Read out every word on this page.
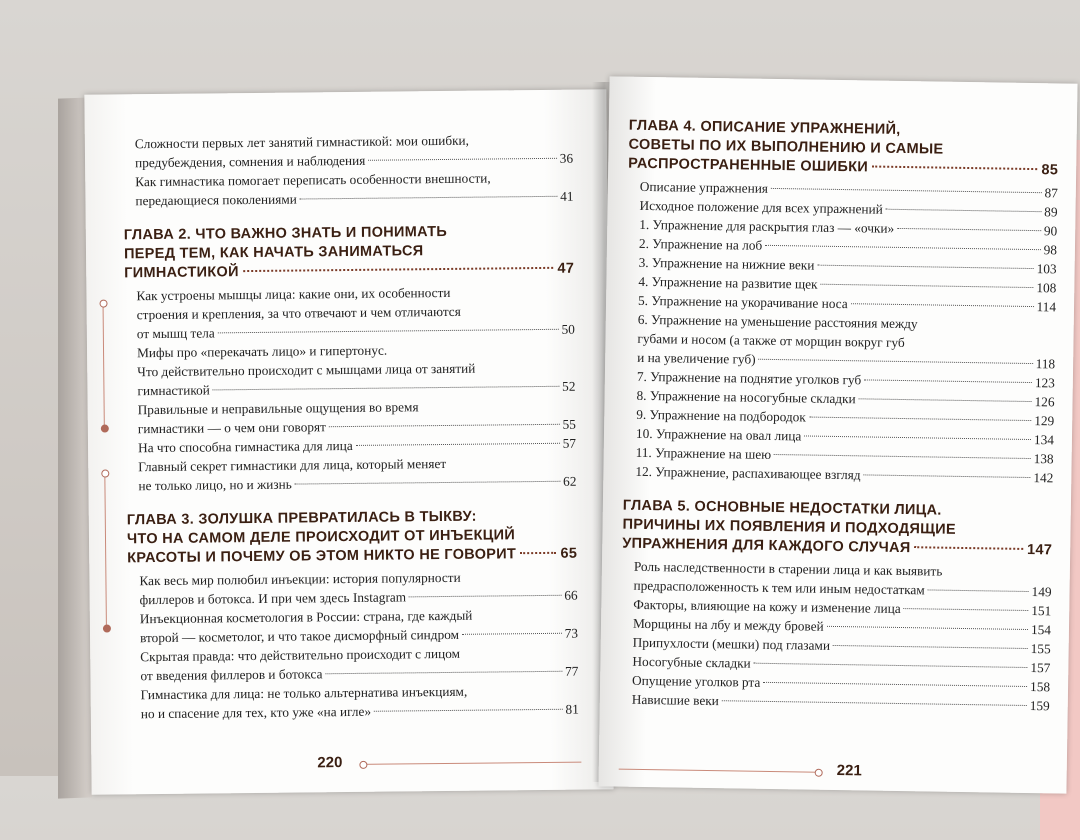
Сложности первых лет занятий гимнастикой: мои ошибки,
предубеждения, сомнения и наблюдения	36
Как гимнастика помогает переписать особенности внешности,
передающиеся поколениями	41
ГЛАВА 2. ЧТО ВАЖНО ЗНАТЬ И ПОНИМАТЬ
ПЕРЕД ТЕМ, КАК НАЧАТЬ ЗАНИМАТЬСЯ
ГИМНАСТИКОЙ	47
Как устроены мышцы лица: какие они, их особенности
строения и крепления, за что отвечают и чем отличаются
от мышц тела	50
Мифы про «перекачать лицо» и гипертонус.
Что действительно происходит с мышцами лица от занятий
гимнастикой	52
Правильные и неправильные ощущения во время
гимнастики — о чем они говорят	55
На что способна гимнастика для лица	57
Главный секрет гимнастики для лица, который меняет
не только лицо, но и жизнь	62
ГЛАВА 3. ЗОЛУШКА ПРЕВРАТИЛАСЬ В ТЫКВУ:
ЧТО НА САМОМ ДЕЛЕ ПРОИСХОДИТ ОТ ИНЪЕКЦИЙ
КРАСОТЫ И ПОЧЕМУ ОБ ЭТОМ НИКТО НЕ ГОВОРИТ	65
Как весь мир полюбил инъекции: история популярности
филлеров и ботокса. И при чем здесь Instagram	66
Инъекционная косметология в России: страна, где каждый
второй — косметолог, и что такое дисморфный синдром	73
Скрытая правда: что действительно происходит с лицом
от введения филлеров и ботокса	77
Гимнастика для лица: не только альтернатива инъекциям,
но и спасение для тех, кто уже «на игле»	81
220
ГЛАВА 4. ОПИСАНИЕ УПРАЖНЕНИЙ,
СОВЕТЫ ПО ИХ ВЫПОЛНЕНИЮ И САМЫЕ
РАСПРОСТРАНЕННЫЕ ОШИБКИ	85
Описание упражнения	87
Исходное положение для всех упражнений	89
1. Упражнение для раскрытия глаз — «очки»	90
2. Упражнение на лоб	98
3. Упражнение на нижние веки	103
4. Упражнение на развитие щек	108
5. Упражнение на укорачивание носа	114
6. Упражнение на уменьшение расстояния между
губами и носом (а также от морщин вокруг губ
и на увеличение губ)	118
7. Упражнение на поднятие уголков губ	123
8. Упражнение на носогубные складки	126
9. Упражнение на подбородок	129
10. Упражнение на овал лица	134
11. Упражнение на шею	138
12. Упражнение, распахивающее взгляд	142
ГЛАВА 5. ОСНОВНЫЕ НЕДОСТАТКИ ЛИЦА.
ПРИЧИНЫ ИХ ПОЯВЛЕНИЯ И ПОДХОДЯЩИЕ
УПРАЖНЕНИЯ ДЛЯ КАЖДОГО СЛУЧАЯ	147
Роль наследственности в старении лица и как выявить
предрасположенность к тем или иным недостаткам	149
Факторы, влияющие на кожу и изменение лица	151
Морщины на лбу и между бровей	154
Припухлости (мешки) под глазами	155
Носогубные складки	157
Опущение уголков рта	158
Нависшие веки	159
221
